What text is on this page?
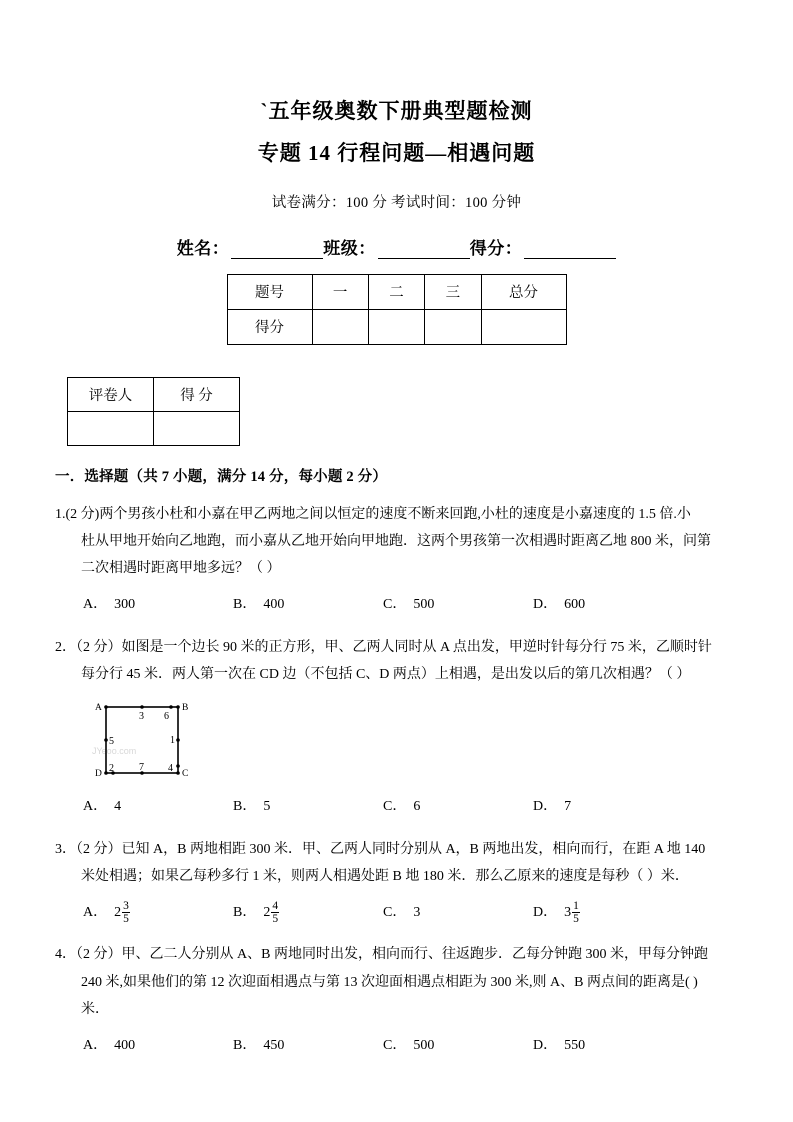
`五年级奥数下册典型题检测
专题 14 行程问题—相遇问题
试卷满分：100 分 考试时间：100 分钟
姓名：	班级：	得分：
题号	一	二	三	总分
得分				
评卷人	得 分

一．选择题（共 7 小题，满分 14 分，每小题 2 分）
1.(2 分)两个男孩小杜和小嘉在甲乙两地之间以恒定的速度不断来回跑,小杜的速度是小嘉速度的 1.5 倍.小
杜从甲地开始向乙地跑，而小嘉从乙地开始向甲地跑．这两个男孩第一次相遇时距离乙地 800 米，问第
二次相遇时距离甲地多远？（ ）
A． 300	B． 400	C． 500	D． 600
2．（2 分）如图是一个边长 90 米的正方形，甲、乙两人同时从 A 点出发，甲逆时针每分行 75 米，乙顺时针
每分行 45 米．两人第一次在 CD 边（不包括 C、D 两点）上相遇，是出发以后的第几次相遇？（ ）
JYeoo.com
A	B
C
D
3 6
1
4
7
2
5
A． 4	B． 5	C． 6	D． 7
3．（2 分）已知 A，B 两地相距 300 米．甲、乙两人同时分别从 A，B 两地出发，相向而行，在距 A 地 140
米处相遇；如果乙每秒多行 1 米，则两人相遇处距 B 地 180 米．那么乙原来的速度是每秒（ ）米．
A． $2 \frac{3}{5}$	B． $2 \frac{4}{5}$	C． 3	D． $3 \frac{1}{5}$
4．（2 分）甲、乙二人分别从 A、B 两地同时出发，相向而行、往返跑步．乙每分钟跑 300 米，甲每分钟跑
240 米,如果他们的第 12 次迎面相遇点与第 13 次迎面相遇点相距为 300 米,则 A、B 两点间的距离是( )
米．
A． 400	B． 450	C． 500	D． 550
